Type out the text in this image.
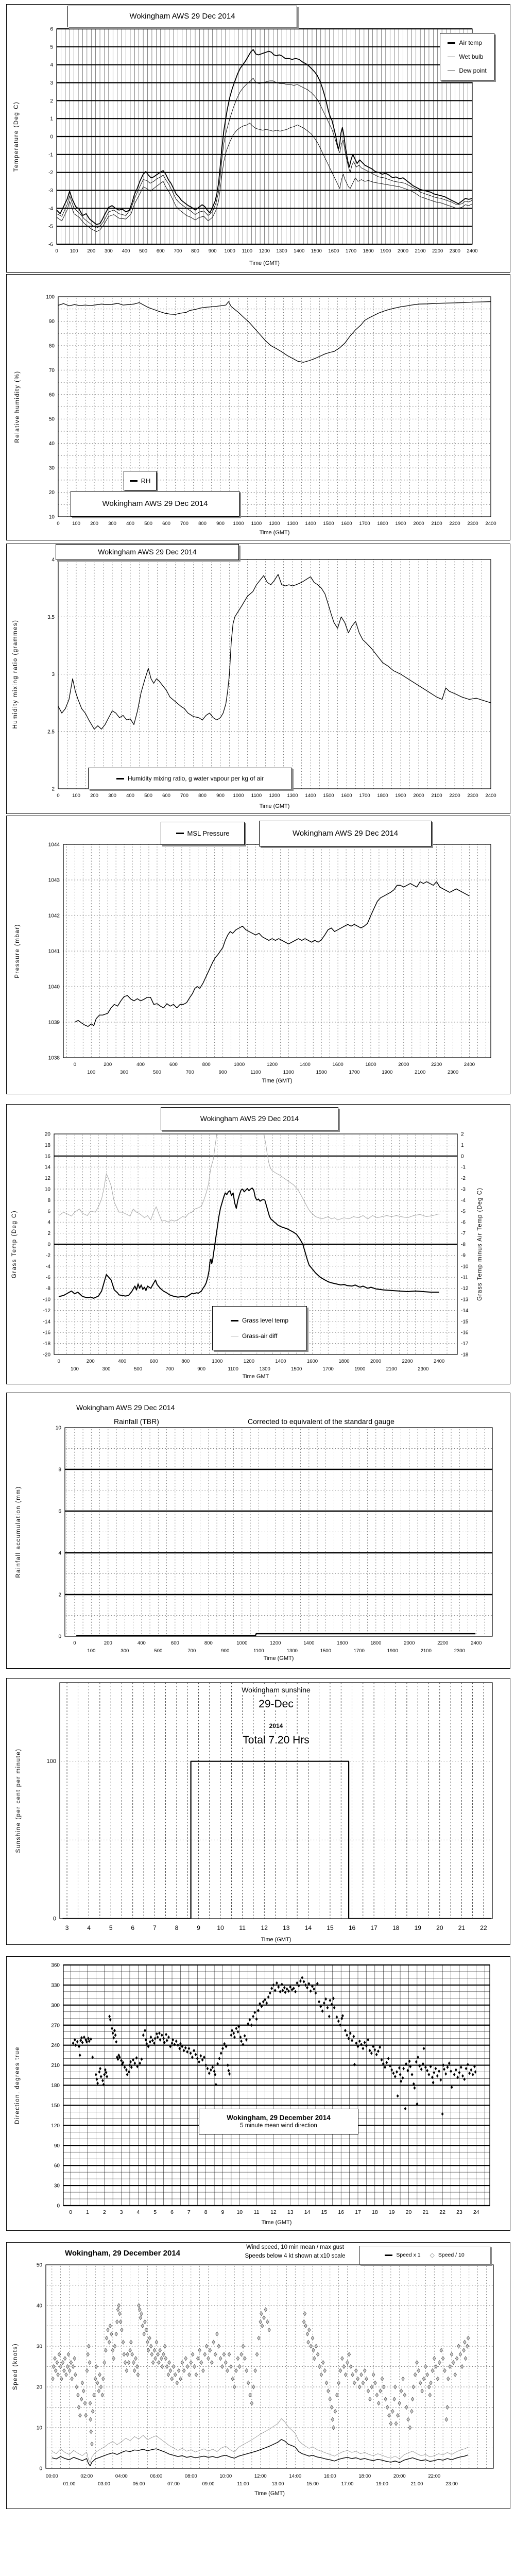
0 100 200 300 400 500 600 700 800 900 1000 1100 1200 1300 1400 1500 1600 1700 1800 1900 2000 2100 2200 2300 2400
6
5
4
3
2
1
0
-1
-2
-3
-4
-5
-6
Time (GMT)
Temperature (Deg C)
Wokingham AWS 29 Dec 2014
Air temp
Wet bulb
Dew point
0	100 200 300 400 500 600 700 800 900 1000 1100 1200 1300 1400 1500 1600 1700 1800 1900 2000 2100 2200 2300 2400
100
90
80
70
60
50
40
30
20
10
Time (GMT)
Relative humidity (%)
RH
Wokingham AWS 29 Dec 2014
0	100 200 300 400 500 600 700 800 900 1000 1100 1200 1300 1400 1500 1600 1700 1800 1900 2000 2100 2200 2300 2400
4
3.5
3
2.5
2
Time (GMT)
Humidity mixing ratio (grammes)
Wokingham AWS 29 Dec 2014
Humidity mixing ratio, g water vapour per kg of air
0	200	400	600	800	1000	1200	1400	1600	1800	2000	2200	2400
100	300	500	700	900	1100	1300	1500	1700	1900	2100	2300
1044
1043
1042
1041
1040
1039
1038
Time (GMT)
Pressure (mbar)
MSL Pressure	Wokingham AWS 29 Dec 2014
0	200	400	600	800	1000	1200	1400	1600	1800	2000	2200	2400
100	300	500	700	900	1100	1300	1500	1700	1900	2100	2300
20
18
16
14
12
10
8
6
4
2
0
-2
-4
-6
-8
-10
-12
-14
-16
-18
-20
2
1
0
-1
-2
-3
-4
-5
-6
-7
-8
-9
-10
-11
-12
-13
-14
-15
-16
-17
-18
Time GMT
Grass Temp (Deg C)	Grass Temp minus Air Temp (Deg C)
Wokingham AWS 29 Dec 2014
Grass level temp
Grass-air diff
0	200	400	600	800	1000	1200	1400	1600	1800	2000	2200	2400
100	300	500	700	900	1100	1300	1500	1700	1900	2100	2300
10
8
6
4
2
0
Time (GMT)
Rainfall accumulation (mm)
Wokingham AWS 29 Dec 2014
Rainfall (TBR)	Corrected to equivalent of the standard gauge
3	4	5	6	7	8	9	10 11 12 13 14 15 16 17 18 19 20 21 22
100
0
Time (GMT)
Sunshine (per cent per minute)
Wokingham sunshine
29-Dec
2014
Total 7.20 Hrs
0	1	2	3	4	5	6	7	8	9 10 11 12 13 14 15 16 17 18 19 20 21 22 23 24
360
330
300
270
240
210
180
150
120
90
60
30
0
Time (GMT)
Direction, degrees true	Wokingham, 29 December 2014
5 minute mean wind direction
00:00	02:00	04:00	06:00	08:00	10:00	12:00	14:00	16:00	18:00	20:00	22:00
01:00	03:00	05:00	07:00	09:00	11:00	13:00	15:00	17:00	19:00	21:00	23:00
50
40
30
20
10
0
Time (GMT)
Speed (knots)
Speed x 1 ◇ Speed / 10
Wokingham, 29 December 2014
Wind speed, 10 min mean / max gust
Speeds below 4 kt shown at x10 scale
